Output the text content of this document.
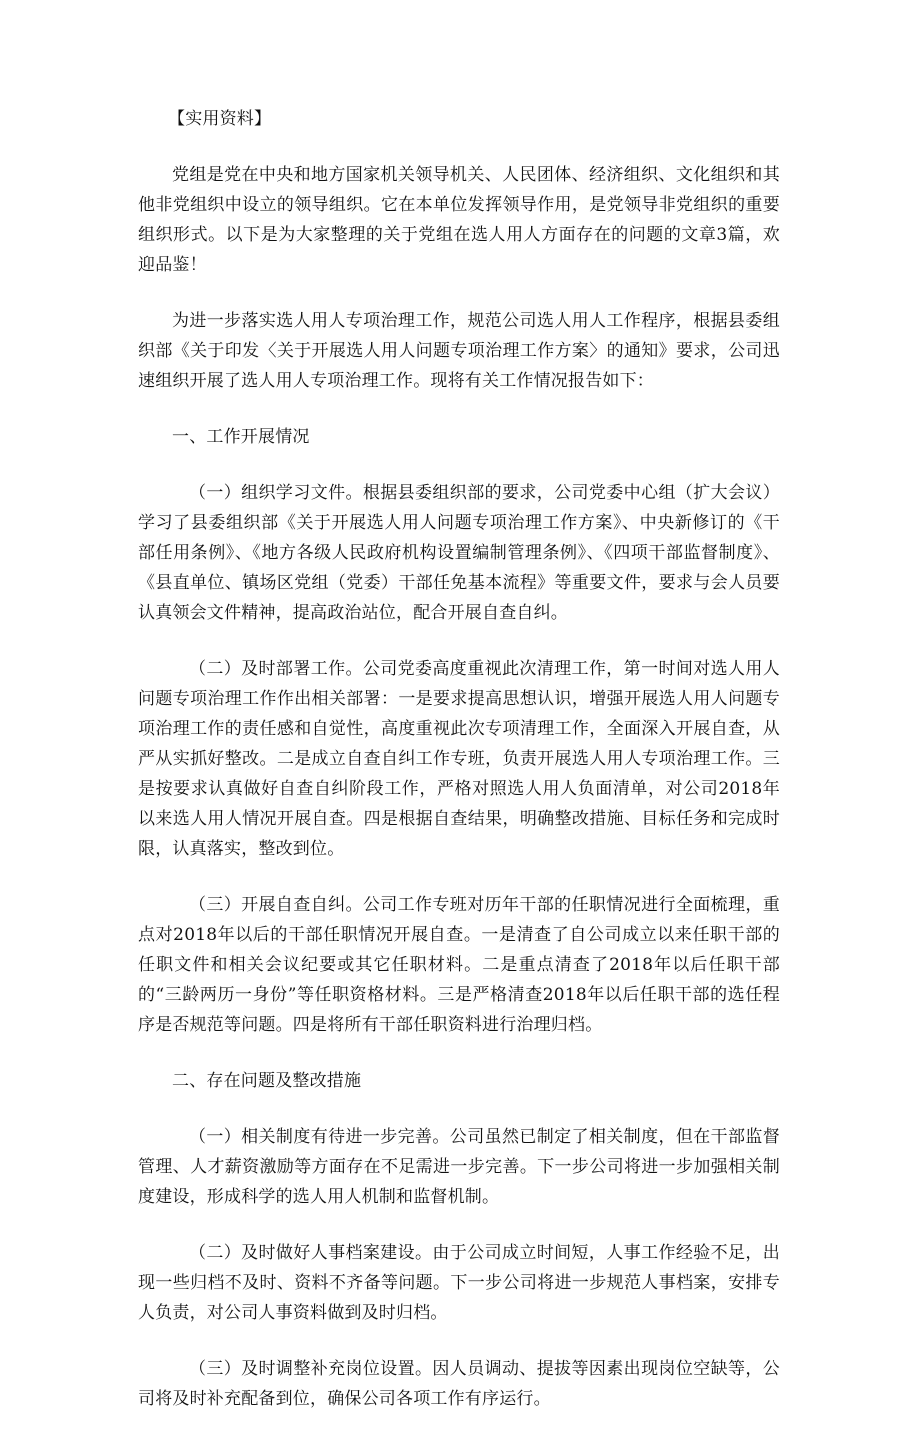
【实用资料】

党组是党在中央和地方国家机关领导机关、人民团体、经济组织、文化组织和其他非党组织中设立的领导组织。它在本单位发挥领导作用，是党领导非党组织的重要组织形式。以下是为大家整理的关于党组在选人用人方面存在的问题的文章3篇，欢迎品鉴！

为进一步落实选人用人专项治理工作，规范公司选人用人工作程序，根据县委组织部《关于印发〈关于开展选人用人问题专项治理工作方案〉的通知》要求，公司迅速组织开展了选人用人专项治理工作。现将有关工作情况报告如下：

一、工作开展情况

（一）组织学习文件。根据县委组织部的要求，公司党委中心组（扩大会议）学习了县委组织部《关于开展选人用人问题专项治理工作方案》、中央新修订的《干部任用条例》、《地方各级人民政府机构设置编制管理条例》、《四项干部监督制度》、《县直单位、镇场区党组（党委）干部任免基本流程》等重要文件，要求与会人员要认真领会文件精神，提高政治站位，配合开展自查自纠。

（二）及时部署工作。公司党委高度重视此次清理工作，第一时间对选人用人问题专项治理工作作出相关部署：一是要求提高思想认识，增强开展选人用人问题专项治理工作的责任感和自觉性，高度重视此次专项清理工作，全面深入开展自查，从严从实抓好整改。二是成立自查自纠工作专班，负责开展选人用人专项治理工作。三是按要求认真做好自查自纠阶段工作，严格对照选人用人负面清单，对公司2018年以来选人用人情况开展自查。四是根据自查结果，明确整改措施、目标任务和完成时限，认真落实，整改到位。

（三）开展自查自纠。公司工作专班对历年干部的任职情况进行全面梳理，重点对2018年以后的干部任职情况开展自查。一是清查了自公司成立以来任职干部的任职文件和相关会议纪要或其它任职材料。二是重点清查了2018年以后任职干部的“三龄两历一身份”等任职资格材料。三是严格清查2018年以后任职干部的选任程序是否规范等问题。四是将所有干部任职资料进行治理归档。

二、存在问题及整改措施

（一）相关制度有待进一步完善。公司虽然已制定了相关制度，但在干部监督管理、人才薪资激励等方面存在不足需进一步完善。下一步公司将进一步加强相关制度建设，形成科学的选人用人机制和监督机制。

（二）及时做好人事档案建设。由于公司成立时间短，人事工作经验不足，出现一些归档不及时、资料不齐备等问题。下一步公司将进一步规范人事档案，安排专人负责，对公司人事资料做到及时归档。

（三）及时调整补充岗位设置。因人员调动、提拔等因素出现岗位空缺等，公司将及时补充配备到位，确保公司各项工作有序运行。
